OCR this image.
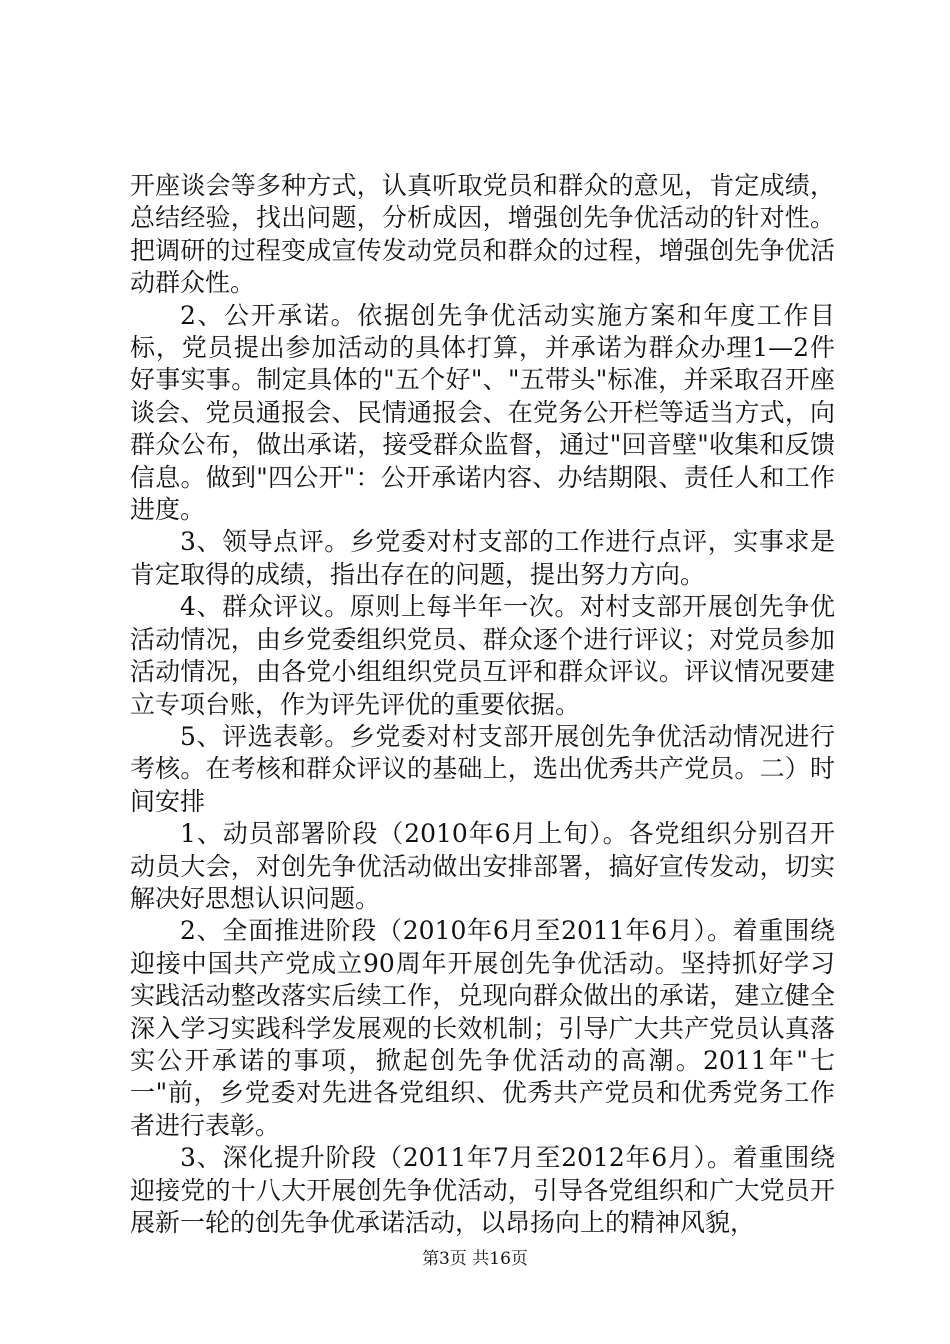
开座谈会等多种方式，认真听取党员和群众的意见，肯定成绩，总结经验，找出问题，分析成因，增强创先争优活动的针对性。把调研的过程变成宣传发动党员和群众的过程，增强创先争优活动群众性。

2、公开承诺。依据创先争优活动实施方案和年度工作目标，党员提出参加活动的具体打算，并承诺为群众办理1—2件好事实事。制定具体的"五个好"、"五带头"标准，并采取召开座谈会、党员通报会、民情通报会、在党务公开栏等适当方式，向群众公布，做出承诺，接受群众监督，通过"回音壁"收集和反馈信息。做到"四公开"：公开承诺内容、办结期限、责任人和工作进度。

3、领导点评。乡党委对村支部的工作进行点评，实事求是肯定取得的成绩，指出存在的问题，提出努力方向。

4、群众评议。原则上每半年一次。对村支部开展创先争优活动情况，由乡党委组织党员、群众逐个进行评议；对党员参加活动情况，由各党小组组织党员互评和群众评议。评议情况要建立专项台账，作为评先评优的重要依据。

5、评选表彰。乡党委对村支部开展创先争优活动情况进行考核。在考核和群众评议的基础上，选出优秀共产党员。二）时间安排

1、动员部署阶段（2010年6月上旬）。各党组织分别召开动员大会，对创先争优活动做出安排部署，搞好宣传发动，切实解决好思想认识问题。

2、全面推进阶段（2010年6月至2011年6月）。着重围绕迎接中国共产党成立90周年开展创先争优活动。坚持抓好学习实践活动整改落实后续工作，兑现向群众做出的承诺，建立健全深入学习实践科学发展观的长效机制；引导广大共产党员认真落实公开承诺的事项，掀起创先争优活动的高潮。2011年"七一"前，乡党委对先进各党组织、优秀共产党员和优秀党务工作者进行表彰。

3、深化提升阶段（2011年7月至2012年6月）。着重围绕迎接党的十八大开展创先争优活动，引导各党组织和广大党员开展新一轮的创先争优承诺活动，以昂扬向上的精神风貌，

第3页 共16页
